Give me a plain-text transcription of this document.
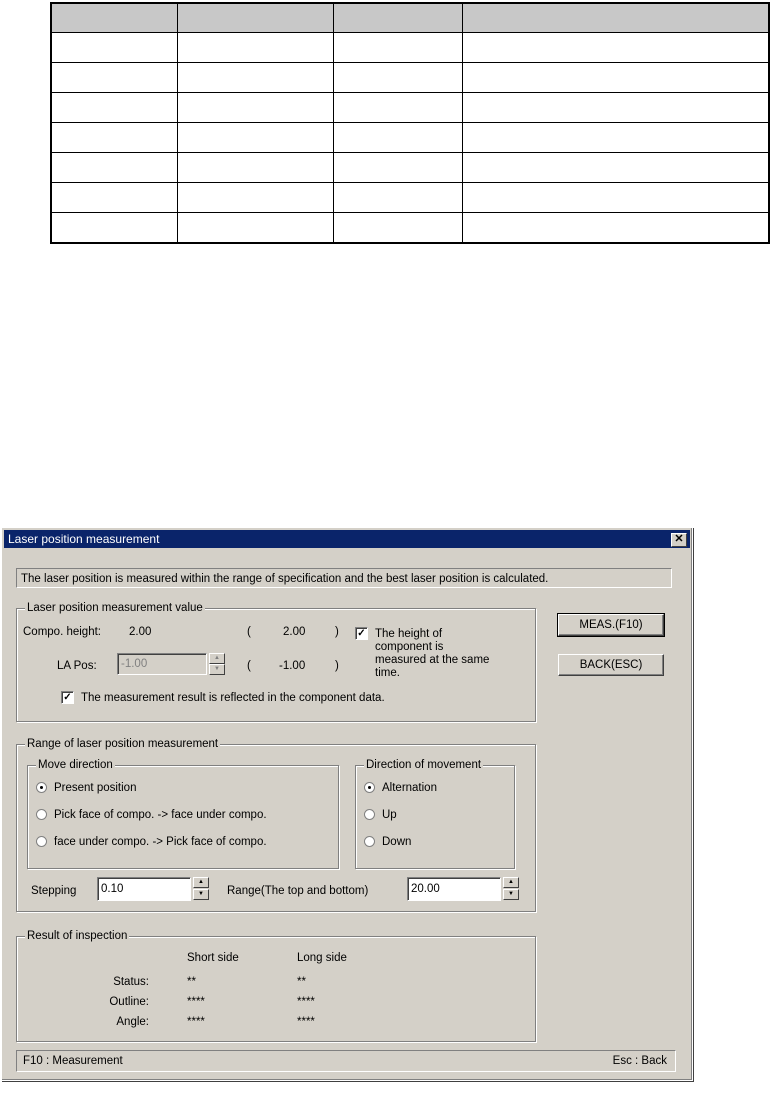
Laser position measurement	✕
The laser position is measured within the range of specification and the best laser position is calculated.
Laser position measurement value
Compo. height: 2.00	(	2.00	) ✓ The height of
component is
measured at the same
time.
LA Pos:
-1.00
▲
▼	( -1.00	)
✓ The measurement result is reflected in the component data.
MEAS.(F10)
BACK(ESC)
Range of laser position measurement
Move direction
Present position
Pick face of compo. -> face under compo.
face under compo. -> Pick face of compo.
Direction of movement
Alternation
Up
Down
Stepping
0.10
▲
▼	Range(The top and bottom)
20.00
▲
▼
Result of inspection
Short side	Long side
Status:	**	**
Outline:	****	****
Angle:	****	****
F10 : Measurement	Esc : Back
